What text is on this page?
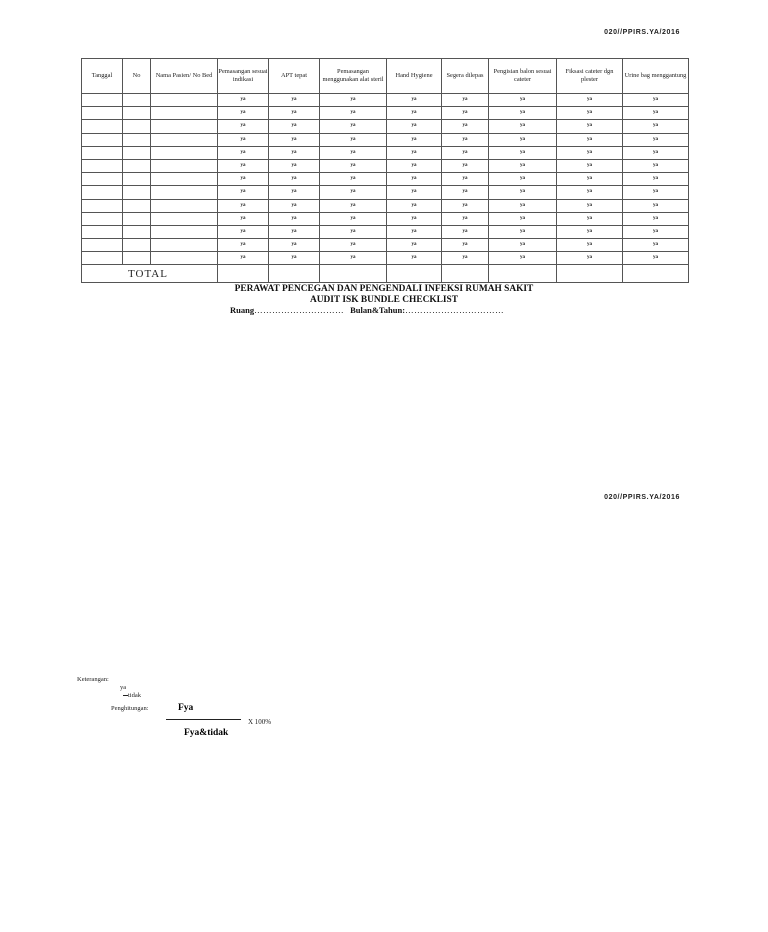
020//PPIRS.YA/2016
Tanggal	No	Nama Pasien/ No Bed	Pemasangan sesuai indikasi	APT tepat	Pemasangan menggunakan alat steril	Hand Hygiene	Segera dilepas	Pengisian balon sesuai cateter	Fiksasi cateter dgn plester	Urine bag menggantung
			ya	ya	ya	ya	ya	ya	ya	ya
			ya	ya	ya	ya	ya	ya	ya	ya
			ya	ya	ya	ya	ya	ya	ya	ya
			ya	ya	ya	ya	ya	ya	ya	ya
			ya	ya	ya	ya	ya	ya	ya	ya
			ya	ya	ya	ya	ya	ya	ya	ya
			ya	ya	ya	ya	ya	ya	ya	ya
			ya	ya	ya	ya	ya	ya	ya	ya
			ya	ya	ya	ya	ya	ya	ya	ya
			ya	ya	ya	ya	ya	ya	ya	ya
			ya	ya	ya	ya	ya	ya	ya	ya
			ya	ya	ya	ya	ya	ya	ya	ya
			ya	ya	ya	ya	ya	ya	ya	ya
TOTAL										
PERAWAT PENCEGAN DAN PENGENDALI INFEKSI RUMAH SAKIT
AUDIT ISK BUNDLE CHECKLIST
Ruang………………………… Bulan&Tahun:……………………………
020//PPIRS.YA/2016
Keterangan:
ya
tidak
Penghitungan:	Fya
X 100%
Fya&tidak
